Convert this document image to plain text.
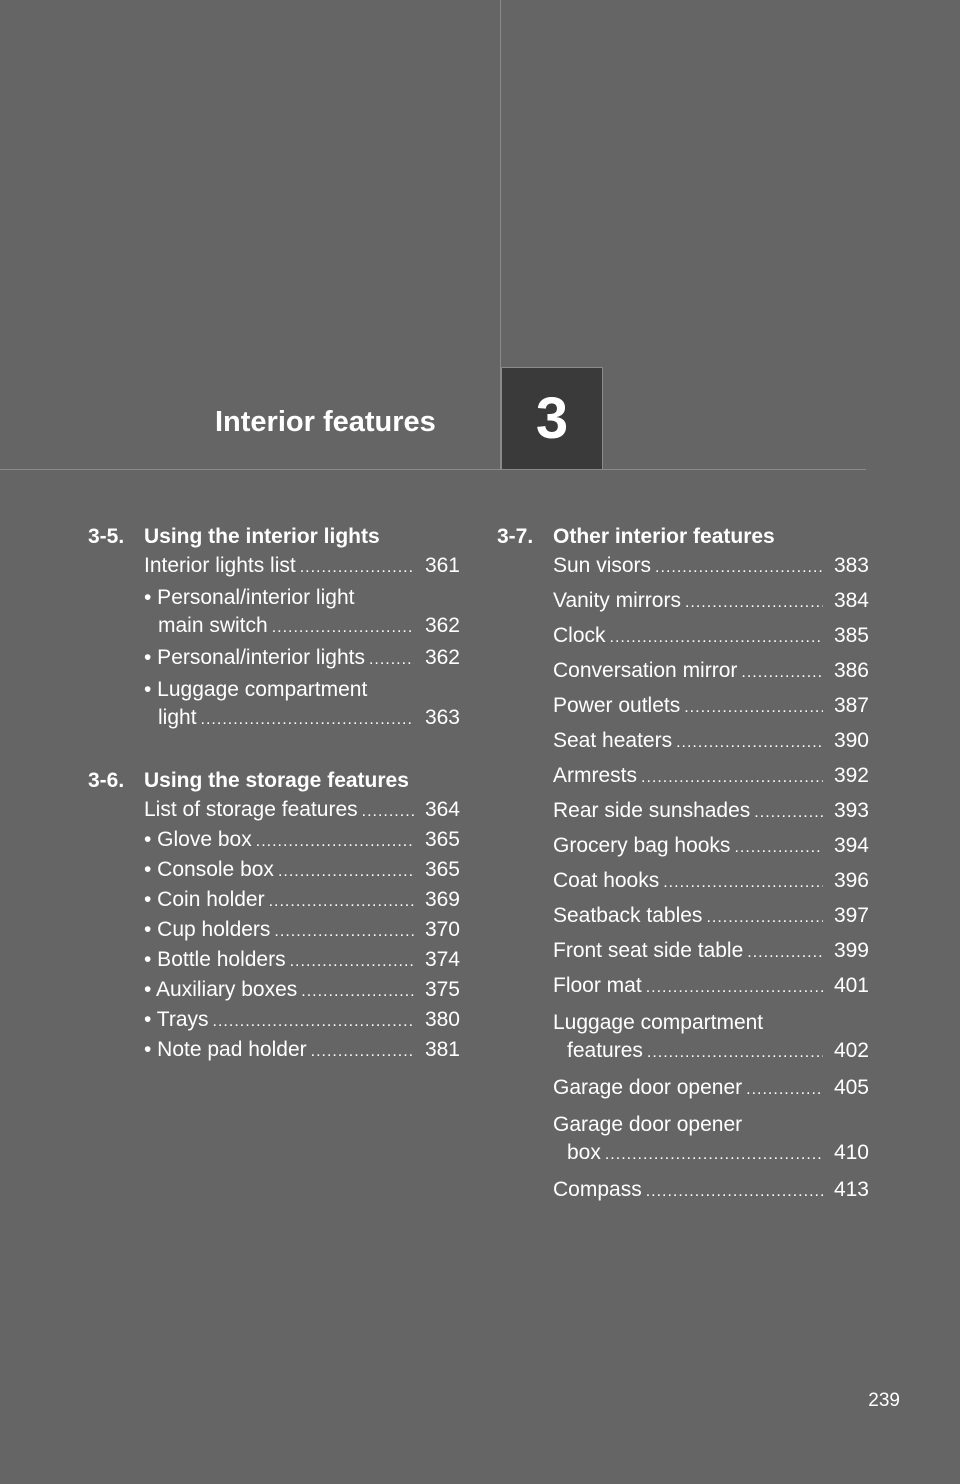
Interior features 3
3-5. Using the interior lights
Interior lights list .....	361
• Personal/interior light
main switch .....	362
• Personal/interior lights .....	362
• Luggage compartment
light .....	363
3-6. Using the storage features
List of storage features .....	364
• Glove box .....	365
• Console box .....	365
• Coin holder .....	369
• Cup holders .....	370
• Bottle holders .....	374
• Auxiliary boxes .....	375
• Trays .....	380
• Note pad holder .....	381
3-7. Other interior features
Sun visors .....	383
Vanity mirrors .....	384
Clock .....	385
Conversation mirror .....	386
Power outlets .....	387
Seat heaters .....	390
Armrests .....	392
Rear side sunshades .....	393
Grocery bag hooks .....	394
Coat hooks .....	396
Seatback tables .....	397
Front seat side table .....	399
Floor mat .....	401
Luggage compartment
features .....	402
Garage door opener .....	405
Garage door opener
box .....	410
Compass .....	413
239
